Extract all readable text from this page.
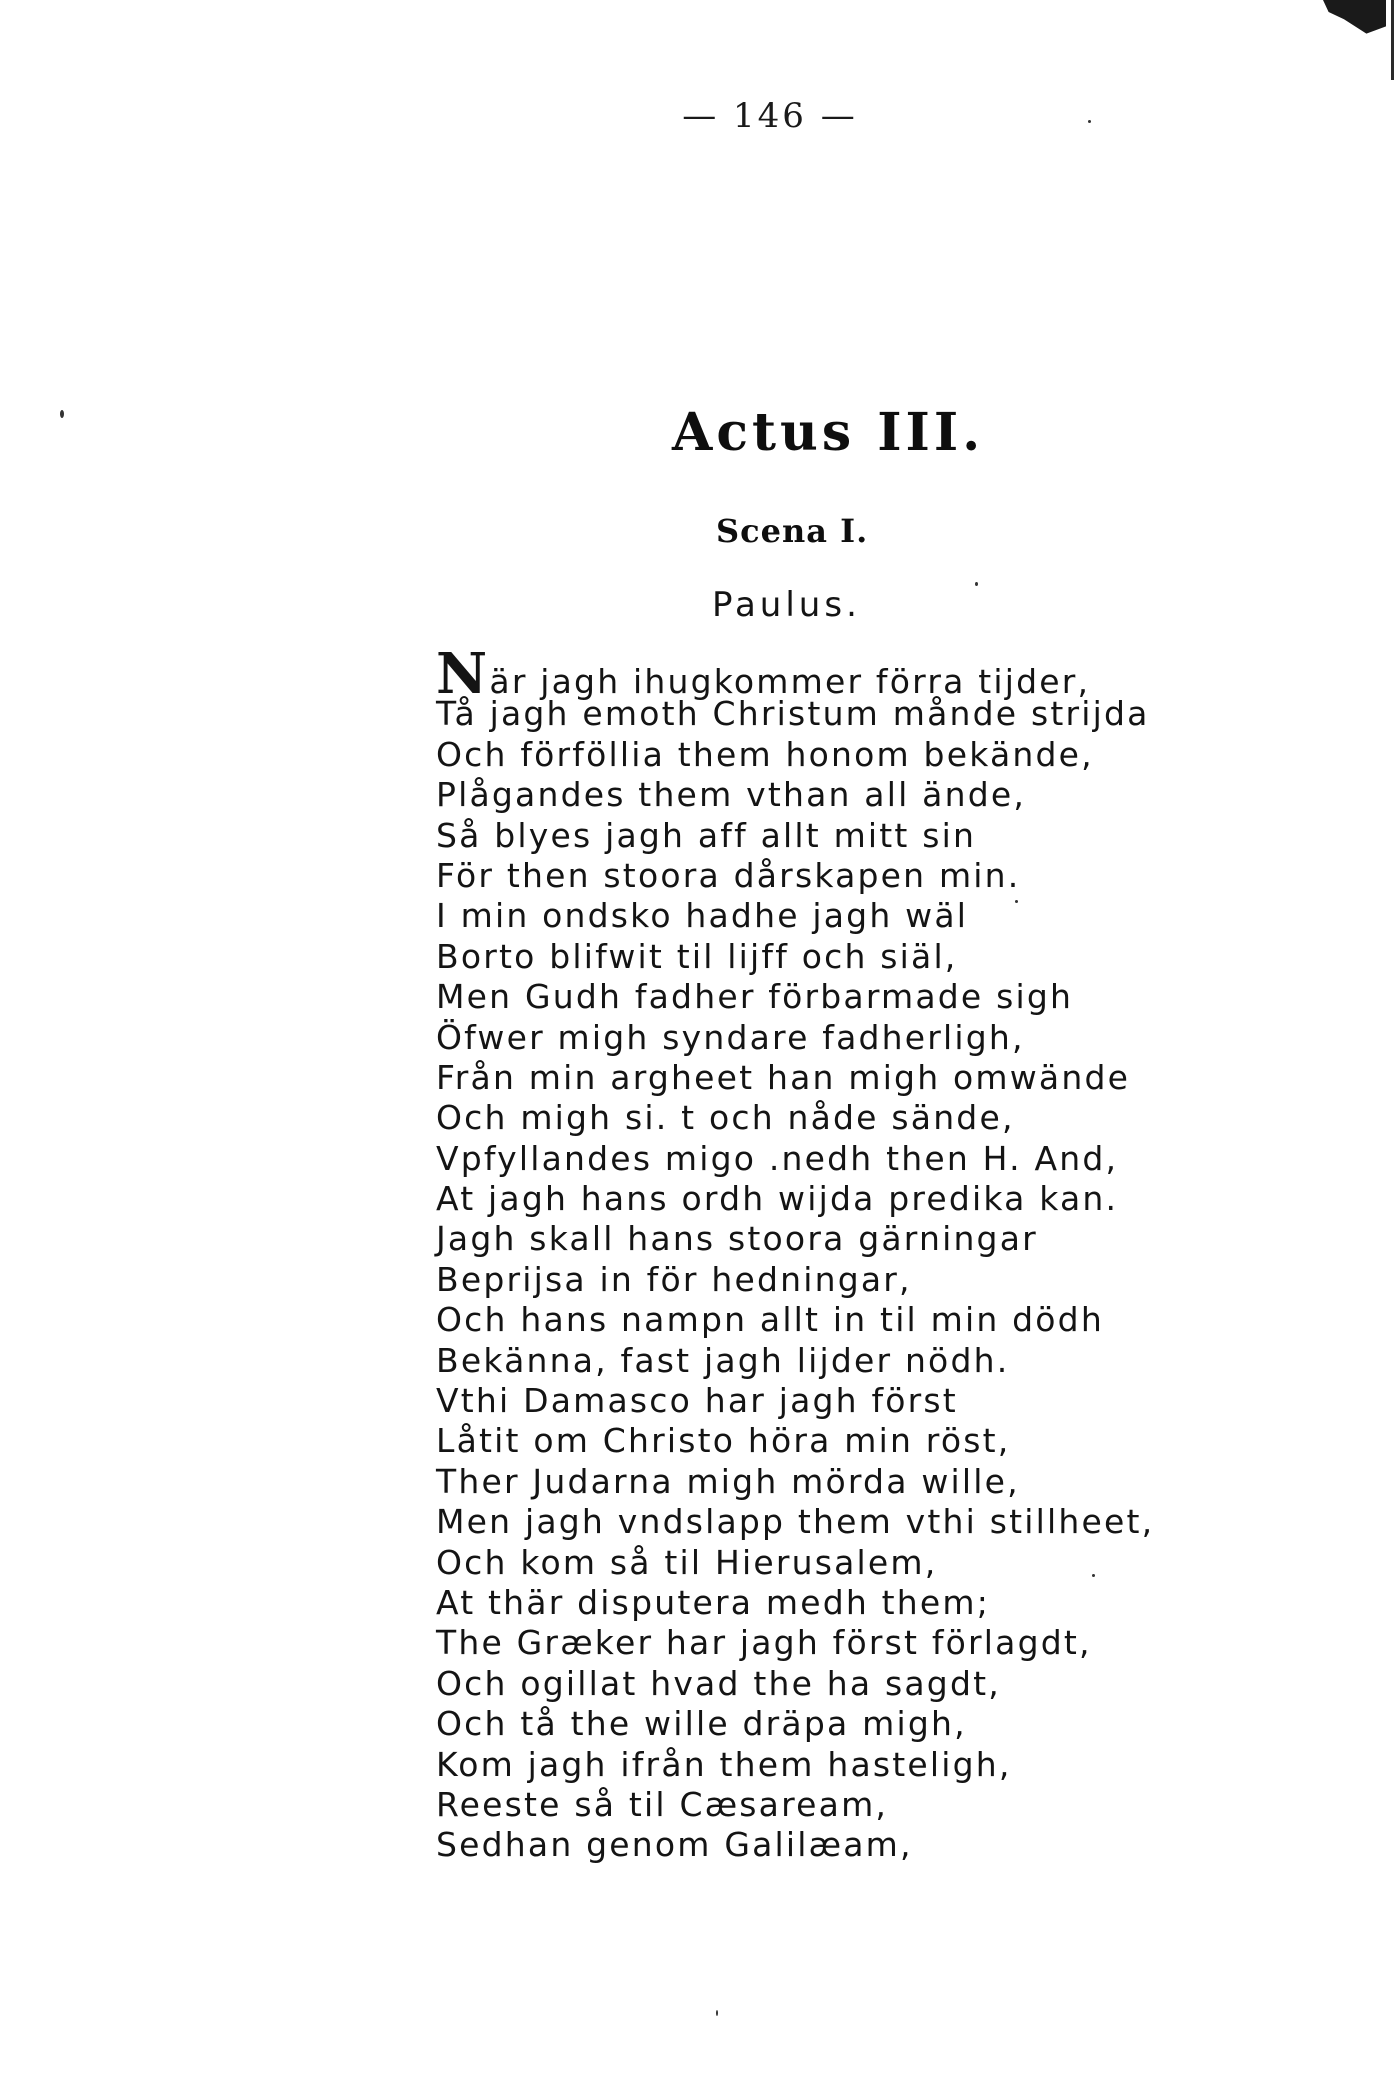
— 146 —
Actus III.
Scena I.
Paulus.
När jagh ihugkommer förra tijder,
Tå jagh emoth Christum månde strijda
Och förföllia them honom bekände,
Plågandes them vthan all ände,
Så blyes jagh aff allt mitt sin
För then stoora dårskapen min.
I min ondsko hadhe jagh wäl
Borto blifwit til lijff och siäl,
Men Gudh fadher förbarmade sigh
Öfwer migh syndare fadherligh,
Från min argheet han migh omwände
Och migh si. t och nåde sände,
Vpfyllandes migo .nedh then H. And,
At jagh hans ordh wijda predika kan.
Jagh skall hans stoora gärningar
Beprijsa in för hedningar,
Och hans nampn allt in til min dödh
Bekänna, fast jagh lijder nödh.
Vthi Damasco har jagh först
Låtit om Christo höra min röst,
Ther Judarna migh mörda wille,
Men jagh vndslapp them vthi stillheet,
Och kom så til Hierusalem,
At thär disputera medh them;
The Græker har jagh först förlagdt,
Och ogillat hvad the ha sagdt,
Och tå the wille dräpa migh,
Kom jagh ifrån them hasteligh,
Reeste så til Cæsaream,
Sedhan genom Galilæam,
